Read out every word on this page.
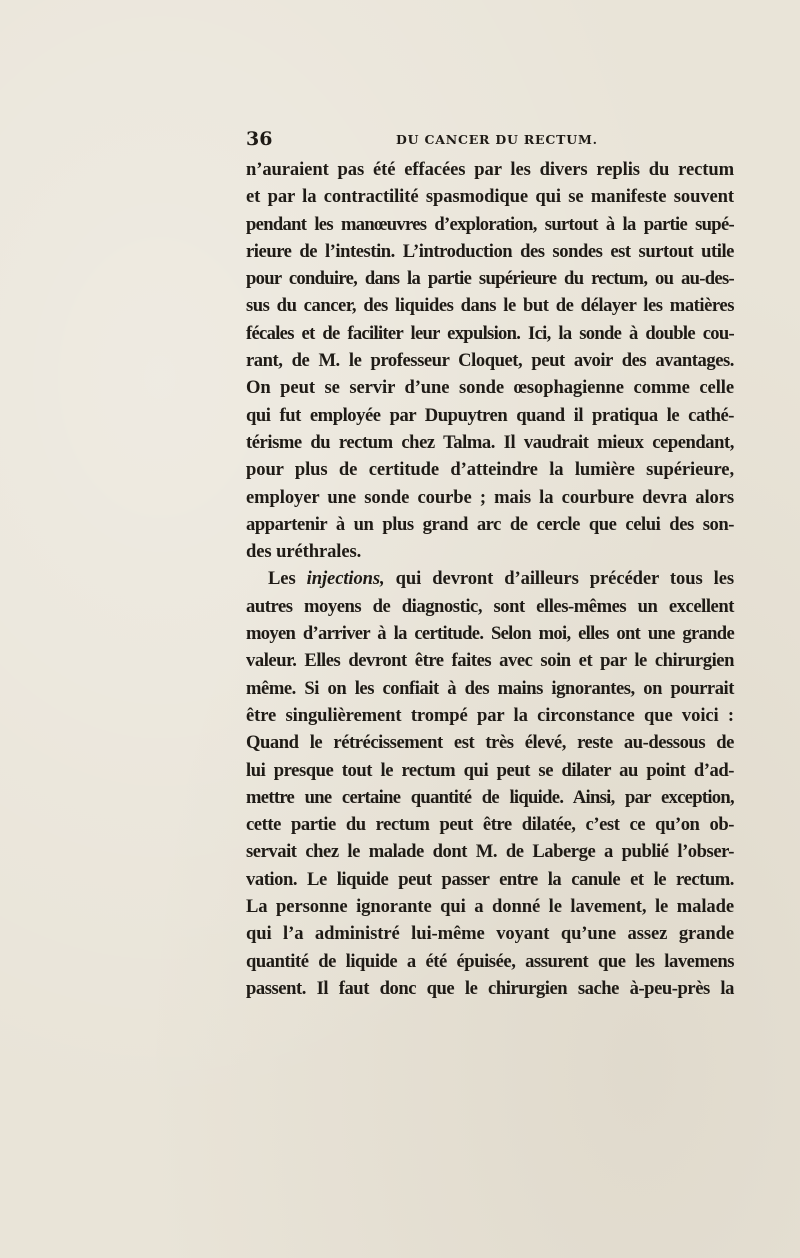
36	DU CANCER DU RECTUM.
n’auraient pas été effacées par les divers replis du rectum
et par la contractilité spasmodique qui se manifeste souvent
pendant les manœuvres d’exploration, surtout à la partie supé-
rieure de l’intestin. L’introduction des sondes est surtout utile
pour conduire, dans la partie supérieure du rectum, ou au-des-
sus du cancer, des liquides dans le but de délayer les matières
fécales et de faciliter leur expulsion. Ici, la sonde à double cou-
rant, de M. le professeur Cloquet, peut avoir des avantages.
On peut se servir d’une sonde œsophagienne comme celle
qui fut employée par Dupuytren quand il pratiqua le cathé-
térisme du rectum chez Talma. Il vaudrait mieux cependant,
pour plus de certitude d’atteindre la lumière supérieure,
employer une sonde courbe ; mais la courbure devra alors
appartenir à un plus grand arc de cercle que celui des son-
des uréthrales.
Les injections, qui devront d’ailleurs précéder tous les
autres moyens de diagnostic, sont elles-mêmes un excellent
moyen d’arriver à la certitude. Selon moi, elles ont une grande
valeur. Elles devront être faites avec soin et par le chirurgien
même. Si on les confiait à des mains ignorantes, on pourrait
être singulièrement trompé par la circonstance que voici :
Quand le rétrécissement est très élevé, reste au-dessous de
lui presque tout le rectum qui peut se dilater au point d’ad-
mettre une certaine quantité de liquide. Ainsi, par exception,
cette partie du rectum peut être dilatée, c’est ce qu’on ob-
servait chez le malade dont M. de Laberge a publié l’obser-
vation. Le liquide peut passer entre la canule et le rectum.
La personne ignorante qui a donné le lavement, le malade
qui l’a administré lui-même voyant qu’une assez grande
quantité de liquide a été épuisée, assurent que les lavemens
passent. Il faut donc que le chirurgien sache à-peu-près la
